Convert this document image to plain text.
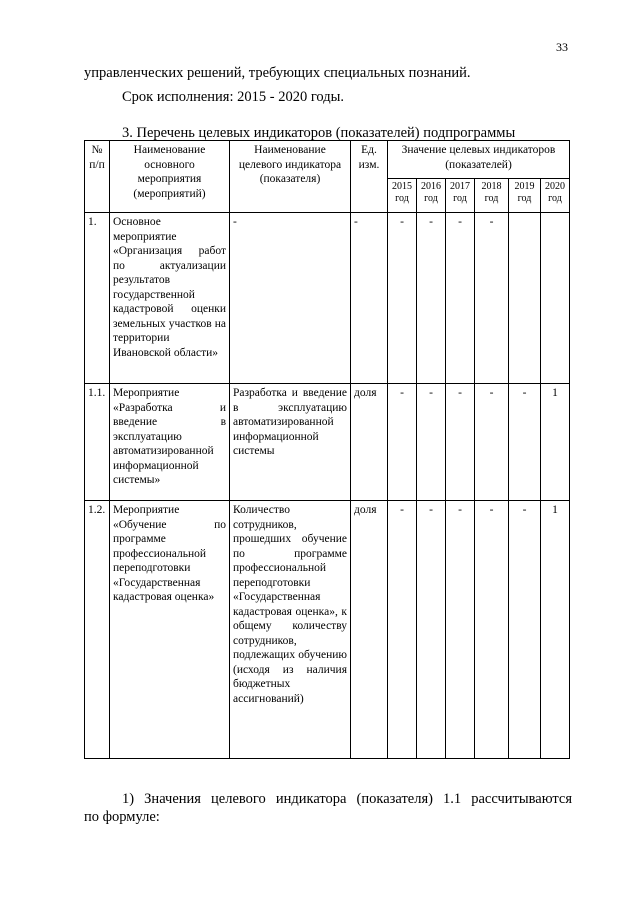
33
управленческих решений, требующих специальных познаний.
Срок исполнения: 2015 - 2020 годы.
3. Перечень целевых индикаторов (показателей) подпрограммы
№ п/п	Наименование основного мероприятия (мероприятий)	Наименование целевого индикатора (показателя)	Ед. изм.	Значение целевых индикаторов (показателей)					
				2015 год	2016 год	2017 год	2018 год	2019 год	2020 год
1.	Основное мероприятие «Организация работ по актуализации результатов государственной кадастровой оценки земельных участков на территории Ивановской области»	-	-	-	-	-	-		
1.1.	Мероприятие «Разработка и введение в эксплуатацию автоматизированной информационной системы»	Разработка и введение в эксплуатацию автоматизированной информационной системы	доля	-	-	-	-	-	1
1.2.	Мероприятие «Обучение по программе профессиональной переподготовки «Государственная кадастровая оценка»	Количество сотрудников, прошедших обучение по программе профессиональной переподготовки «Государственная кадастровая оценка», к общему количеству сотрудников, подлежащих обучению (исходя из наличия бюджетных ассигнований)	доля	-	-	-	-	-	1
1) Значения целевого индикатора (показателя) 1.1 рассчитываются
по формуле:
